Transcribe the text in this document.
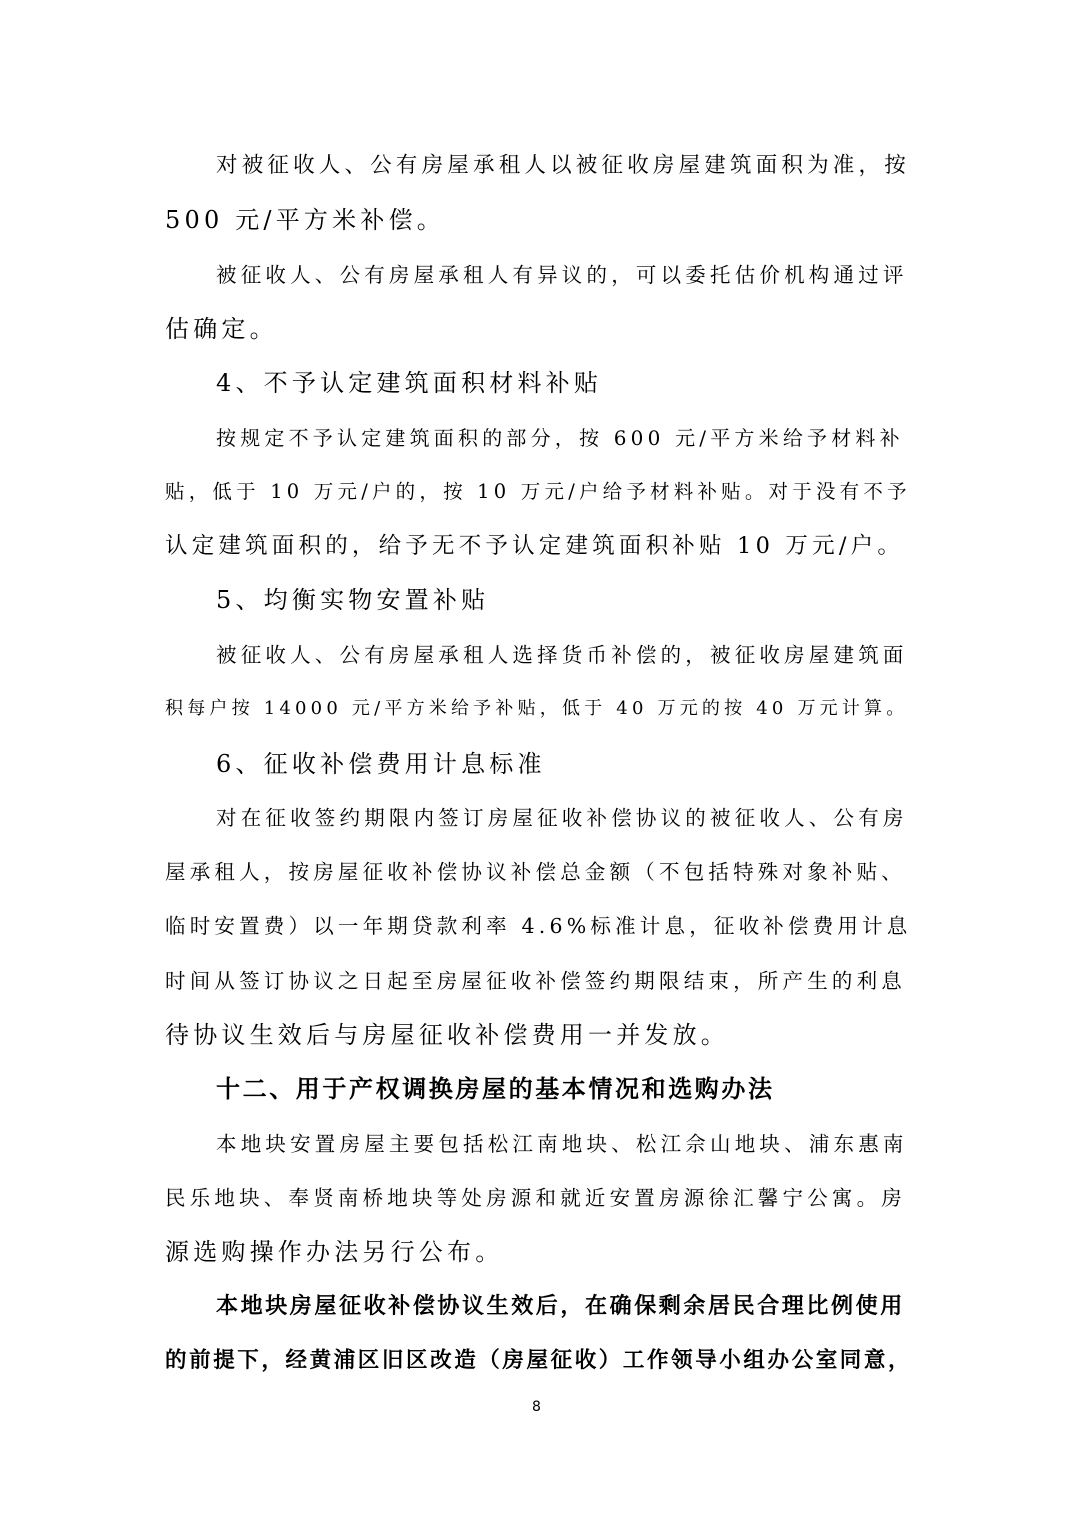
对被征收人、公有房屋承租人以被征收房屋建筑面积为准，按
500 元/平方米补偿。
被征收人、公有房屋承租人有异议的，可以委托估价机构通过评
估确定。
4、不予认定建筑面积材料补贴
按规定不予认定建筑面积的部分，按 600 元/平方米给予材料补
贴，低于 10 万元/户的，按 10 万元/户给予材料补贴。对于没有不予
认定建筑面积的，给予无不予认定建筑面积补贴 10 万元/户。
5、均衡实物安置补贴
被征收人、公有房屋承租人选择货币补偿的，被征收房屋建筑面
积每户按 14000 元/平方米给予补贴，低于 40 万元的按 40 万元计算。
6、征收补偿费用计息标准
对在征收签约期限内签订房屋征收补偿协议的被征收人、公有房
屋承租人，按房屋征收补偿协议补偿总金额（不包括特殊对象补贴、
临时安置费）以一年期贷款利率 4.6%标准计息，征收补偿费用计息
时间从签订协议之日起至房屋征收补偿签约期限结束，所产生的利息
待协议生效后与房屋征收补偿费用一并发放。
十二、用于产权调换房屋的基本情况和选购办法
本地块安置房屋主要包括松江南地块、松江佘山地块、浦东惠南
民乐地块、奉贤南桥地块等处房源和就近安置房源徐汇馨宁公寓。房
源选购操作办法另行公布。
本地块房屋征收补偿协议生效后，在确保剩余居民合理比例使用
的前提下，经黄浦区旧区改造（房屋征收）工作领导小组办公室同意，
8
